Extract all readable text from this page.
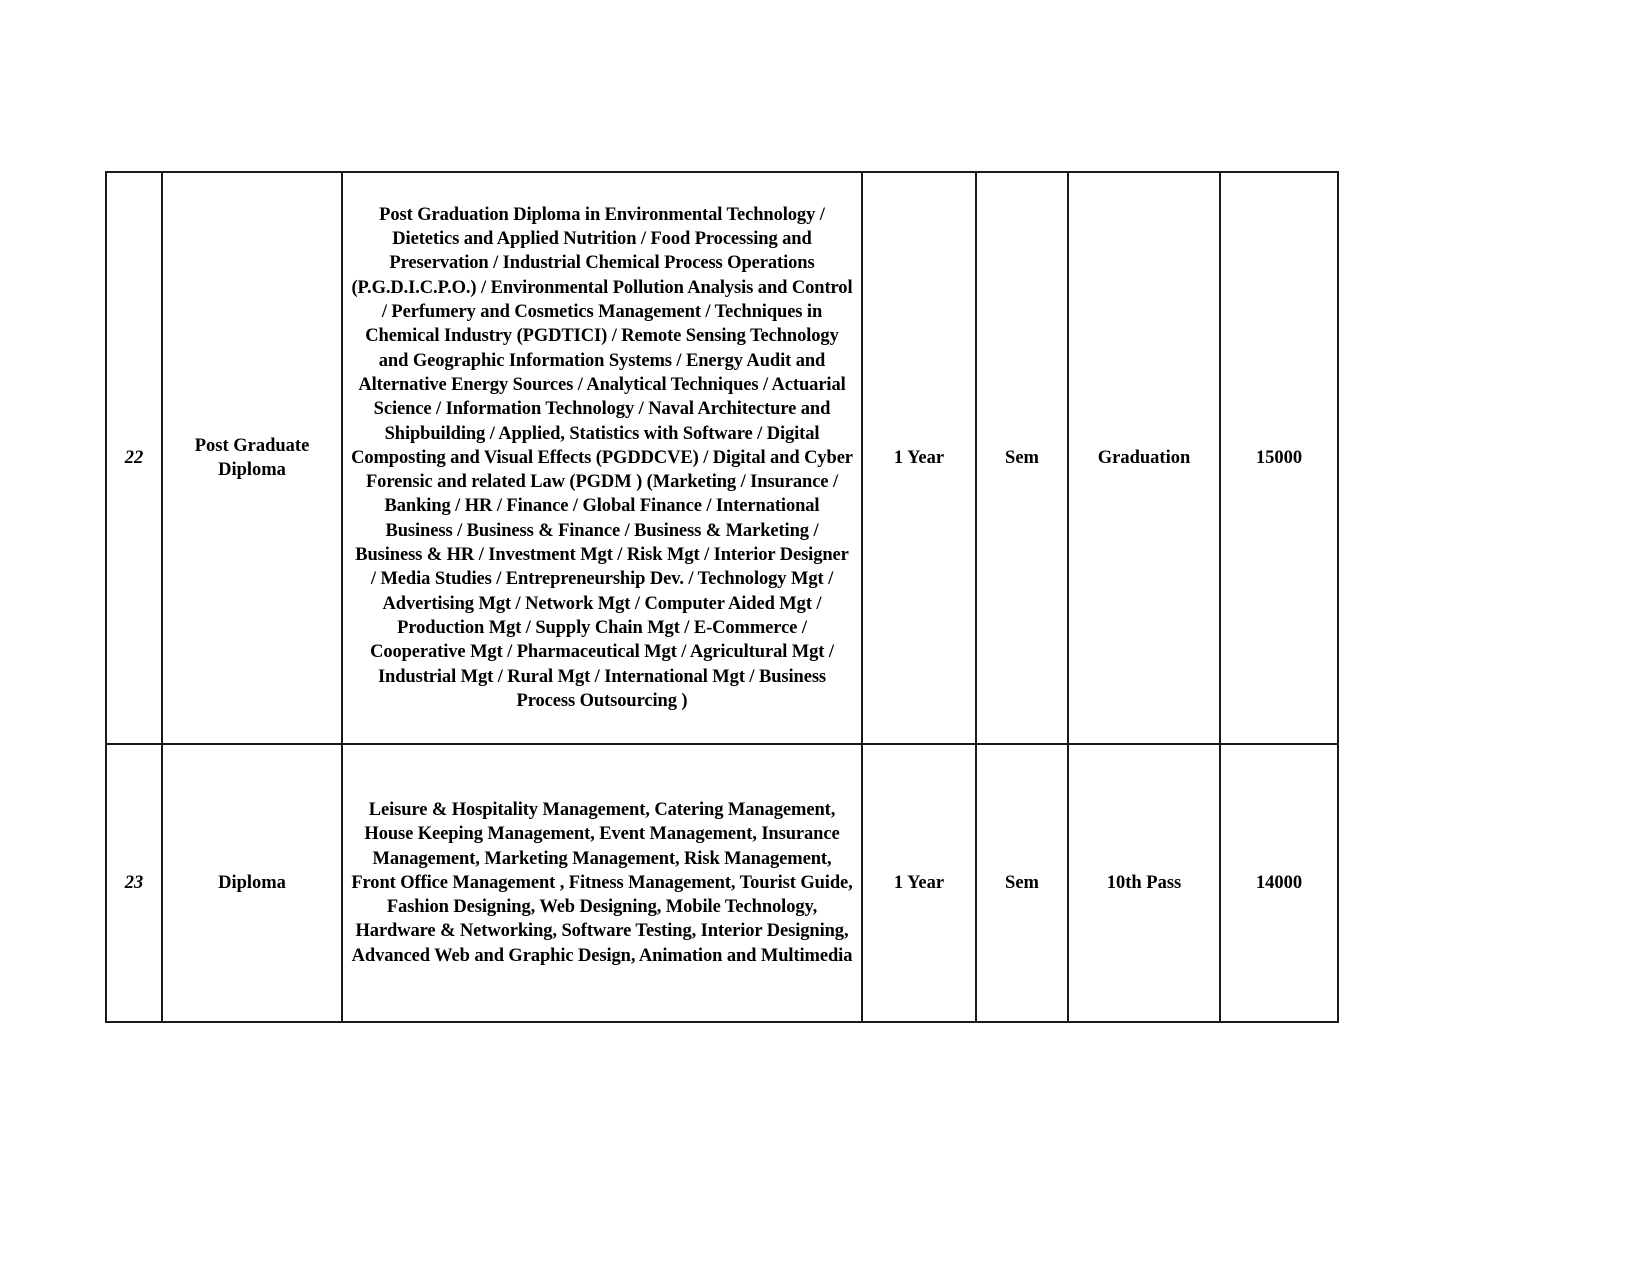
22	Post Graduate Diploma	Post Graduation Diploma in Environmental Technology / Dietetics and Applied Nutrition / Food Processing and Preservation / Industrial Chemical Process Operations (P.G.D.I.C.P.O.) / Environmental Pollution Analysis and Control / Perfumery and Cosmetics Management / Techniques in Chemical Industry (PGDTICI) / Remote Sensing Technology and Geographic Information Systems / Energy Audit and Alternative Energy Sources / Analytical Techniques / Actuarial Science / Information Technology / Naval Architecture and Shipbuilding / Applied, Statistics with Software / Digital Composting and Visual Effects (PGDDCVE) / Digital and Cyber Forensic and related Law (PGDM ) (Marketing / Insurance / Banking / HR / Finance / Global Finance / International Business / Business & Finance / Business & Marketing / Business & HR / Investment Mgt / Risk Mgt / Interior Designer / Media Studies / Entrepreneurship Dev. / Technology Mgt / Advertising Mgt / Network Mgt / Computer Aided Mgt / Production Mgt / Supply Chain Mgt / E-Commerce / Cooperative Mgt / Pharmaceutical Mgt / Agricultural Mgt / Industrial Mgt / Rural Mgt / International Mgt / Business Process Outsourcing )	1 Year	Sem	Graduation	15000
23	Diploma	Leisure & Hospitality Management, Catering Management, House Keeping Management, Event Management, Insurance Management, Marketing Management, Risk Management, Front Office Management , Fitness Management, Tourist Guide, Fashion Designing, Web Designing, Mobile Technology, Hardware & Networking, Software Testing, Interior Designing, Advanced Web and Graphic Design, Animation and Multimedia	1 Year	Sem	10th Pass	14000
